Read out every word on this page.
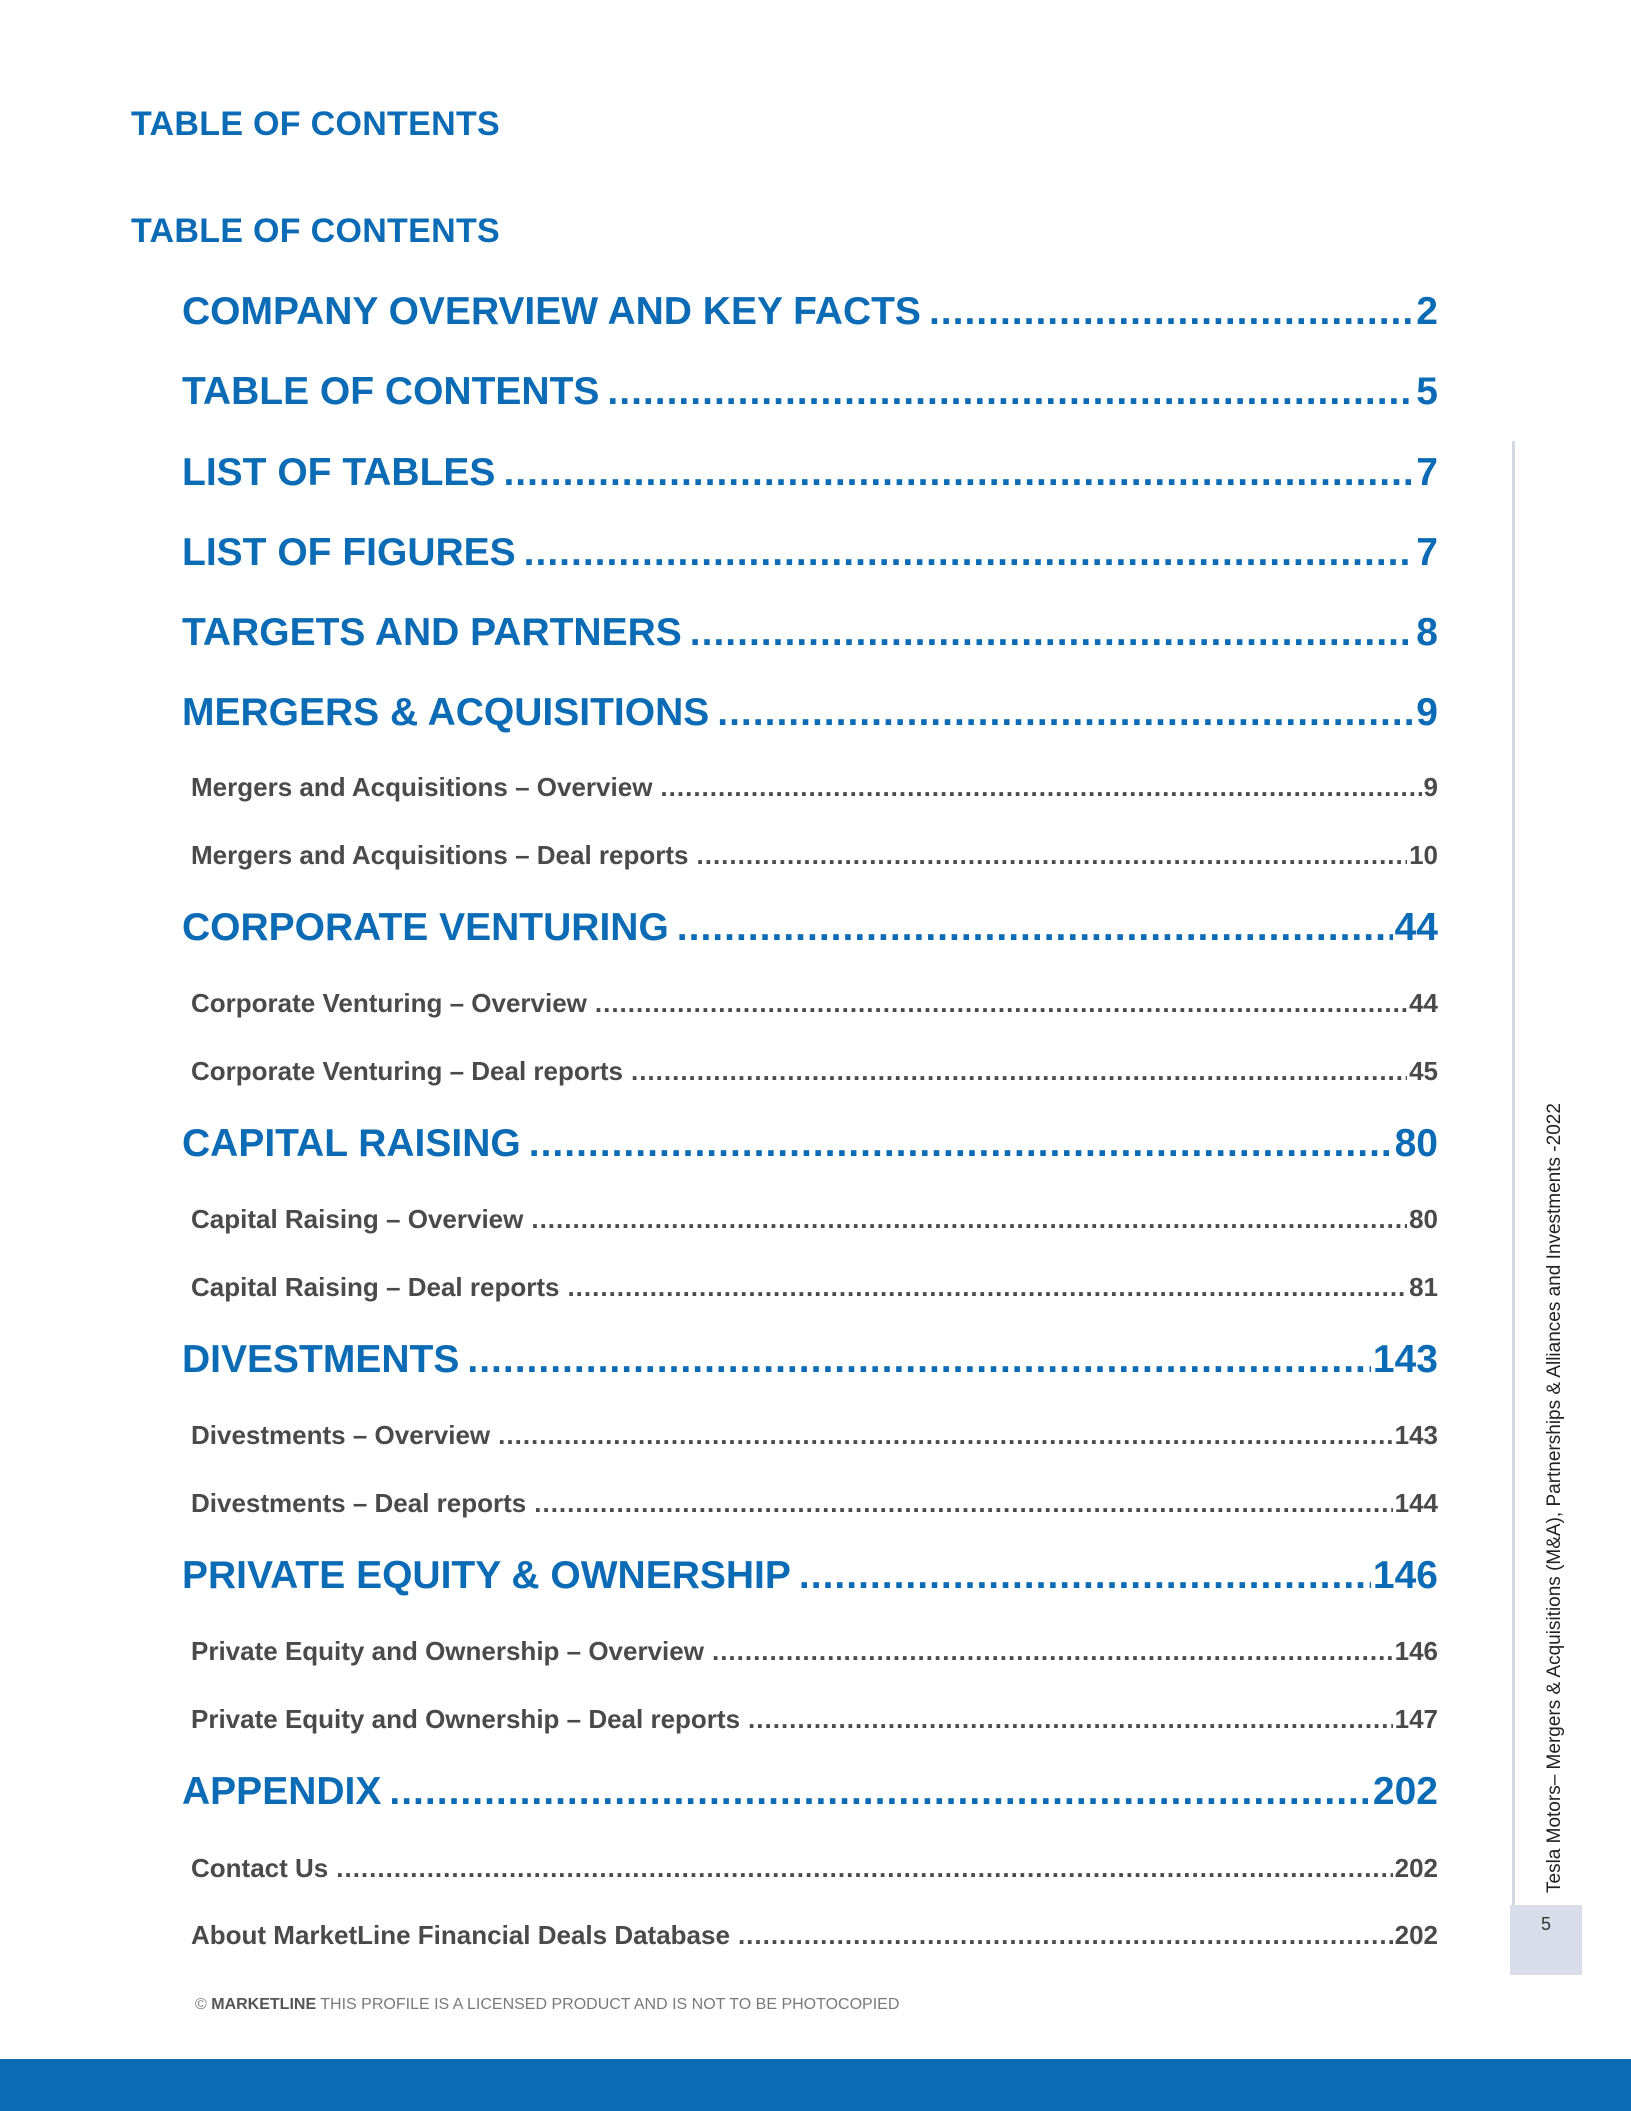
TABLE OF CONTENTS
TABLE OF CONTENTS
COMPANY OVERVIEW AND KEY FACTS .....	2
TABLE OF CONTENTS .....	5
LIST OF TABLES .....	7
LIST OF FIGURES .....	7
TARGETS AND PARTNERS .....	8
MERGERS & ACQUISITIONS .....	9
Mergers and Acquisitions – Overview .....	9
Mergers and Acquisitions – Deal reports .....	10
CORPORATE VENTURING .....	44
Corporate Venturing – Overview .....	44
Corporate Venturing – Deal reports .....	45
CAPITAL RAISING .....	80
Capital Raising – Overview .....	80
Capital Raising – Deal reports .....	81
DIVESTMENTS .....	143
Divestments – Overview .....	143
Divestments – Deal reports .....	144
PRIVATE EQUITY & OWNERSHIP .....	146
Private Equity and Ownership – Overview .....	146
Private Equity and Ownership – Deal reports .....	147
APPENDIX .....	202
Contact Us .....	202
About MarketLine Financial Deals Database .....	202
Tesla Motors– Mergers & Acquisitions (M&A), Partnerships & Alliances and Investments -2022
5
© MARKETLINE THIS PROFILE IS A LICENSED PRODUCT AND IS NOT TO BE PHOTOCOPIED
